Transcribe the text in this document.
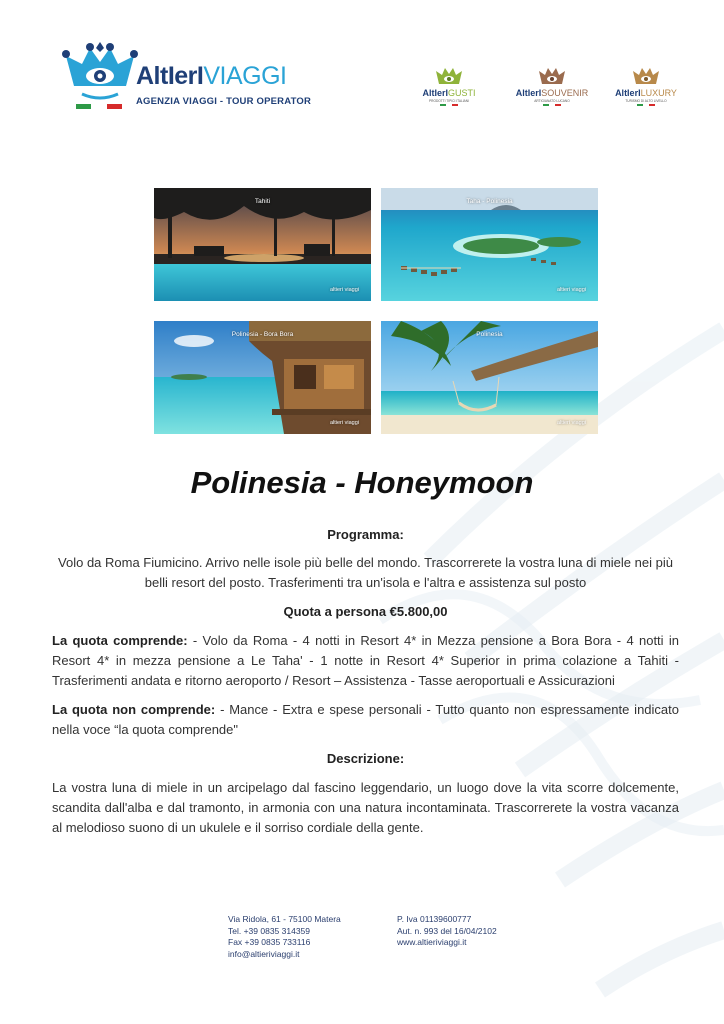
AltIerIVIAGGI
AGENZIA VIAGGI - TOUR OPERATOR
AltIerIGUSTI
PRODOTTI TIPICI ITALIANI
AltIerISOUVENIR
ARTIGIANATO LUCANO
AltIerILUXURY
TURISMO DI ALTO LIVELLO
Tahiti
altieri viaggi
Taha - Polinesia
altieri viaggi
Polinesia - Bora Bora
altieri viaggi
Polinesia
altieri viaggi
Polinesia - Honeymoon
Programma:
Volo da Roma Fiumicino. Arrivo nelle isole più belle del mondo. Trascorrerete la vostra luna di miele nei più belli resort del posto. Trasferimenti tra un'isola e l'altra e assistenza sul posto
Quota a persona €5.800,00
La quota comprende: - Volo da Roma - 4 notti in Resort 4* in Mezza pensione a Bora Bora - 4 notti in Resort 4* in mezza pensione a Le Taha' - 1 notte in Resort 4* Superior in prima colazione a Tahiti - Trasferimenti andata e ritorno aeroporto / Resort – Assistenza - Tasse aeroportuali e Assicurazioni
La quota non comprende: - Mance - Extra e spese personali - Tutto quanto non espressamente indicato nella voce “la quota comprende"
Descrizione:
La vostra luna di miele in un arcipelago dal fascino leggendario, un luogo dove la vita scorre dolcemente, scandita dall'alba e dal tramonto, in armonia con una natura incontaminata. Trascorrerete la vostra vacanza al melodioso suono di un ukulele e il sorriso cordiale della gente.
Via Ridola, 61 - 75100 Matera
Tel. +39 0835 314359
Fax +39 0835 733116
info@altieriviaggi.it
P. Iva 01139600777
Aut. n. 993 del 16/04/2102
www.altieriviaggi.it
